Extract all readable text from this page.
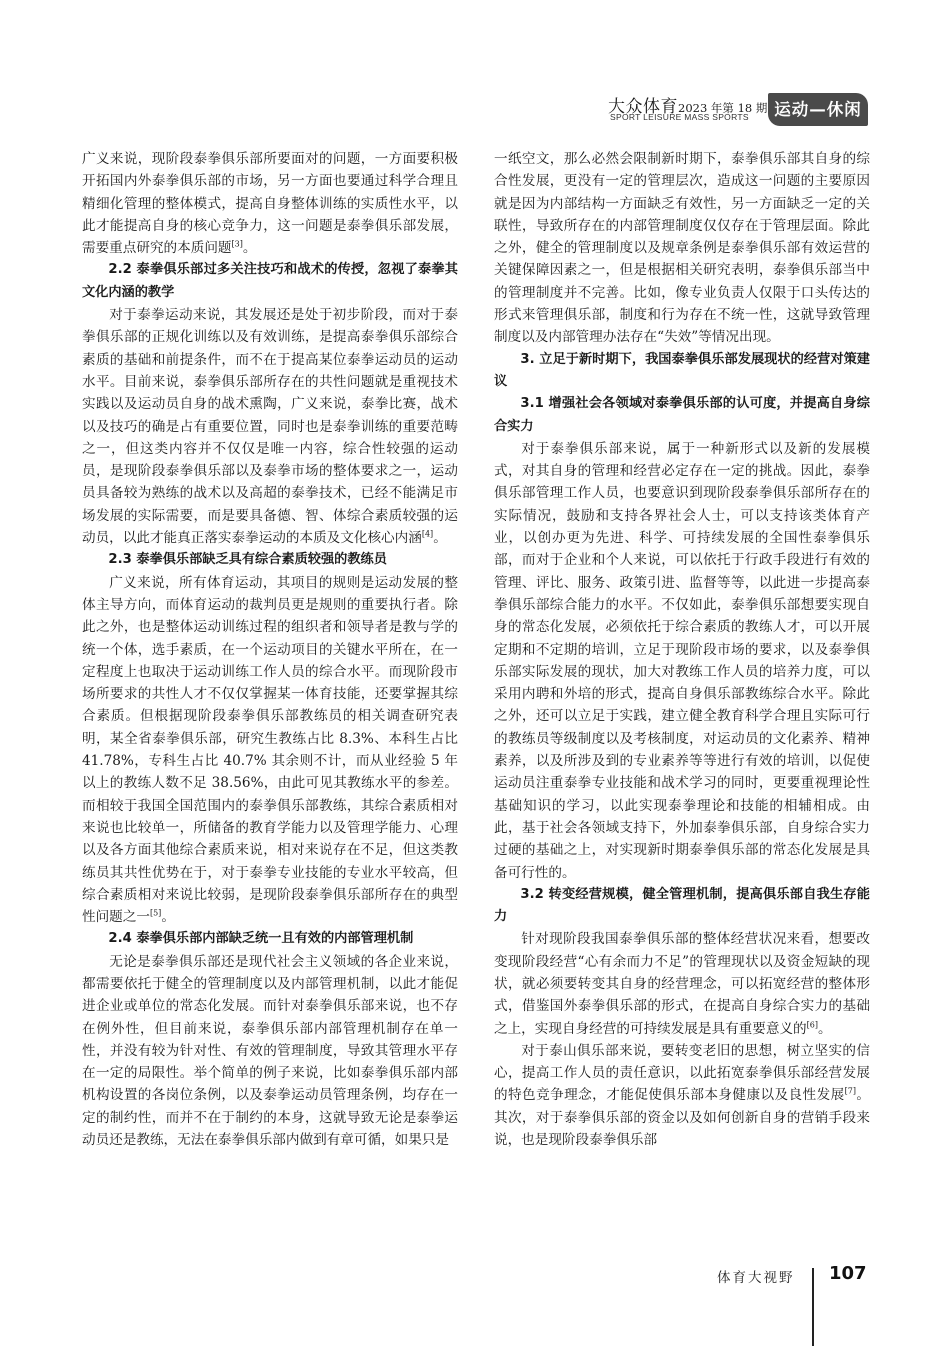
大众体育2023 年第 18 期
SPORT LEISURE MASS SPORTS	运动—休闲

广义来说，现阶段泰拳俱乐部所要面对的问题，一方面要积极开拓国内外泰拳俱乐部的市场，另一方面也要通过科学合理且精细化管理的整体模式，提高自身整体训练的实质性水平，以此才能提高自身的核心竞争力，这一问题是泰拳俱乐部发展，需要重点研究的本质问题[3]。

2.2 泰拳俱乐部过多关注技巧和战术的传授，忽视了泰拳其文化内涵的教学

对于泰拳运动来说，其发展还是处于初步阶段，而对于泰拳俱乐部的正规化训练以及有效训练，是提高泰拳俱乐部综合素质的基础和前提条件，而不在于提高某位泰拳运动员的运动水平。目前来说，泰拳俱乐部所存在的共性问题就是重视技术实践以及运动员自身的战术熏陶，广义来说，泰拳比赛，战术以及技巧的确是占有重要位置，同时也是泰拳训练的重要范畴之一，但这类内容并不仅仅是唯一内容，综合性较强的运动员，是现阶段泰拳俱乐部以及泰拳市场的整体要求之一，运动员具备较为熟练的战术以及高超的泰拳技术，已经不能满足市场发展的实际需要，而是要具备德、智、体综合素质较强的运动员，以此才能真正落实泰拳运动的本质及文化核心内涵[4]。

2.3 泰拳俱乐部缺乏具有综合素质较强的教练员

广义来说，所有体育运动，其项目的规则是运动发展的整体主导方向，而体育运动的裁判员更是规则的重要执行者。除此之外，也是整体运动训练过程的组织者和领导者是教与学的统一个体，选手素质，在一个运动项目的关键水平所在，在一定程度上也取决于运动训练工作人员的综合水平。而现阶段市场所要求的共性人才不仅仅掌握某一体育技能，还要掌握其综合素质。但根据现阶段泰拳俱乐部教练员的相关调查研究表明，某全省泰拳俱乐部，研究生教练占比 8.3%、本科生占比 41.78%，专科生占比 40.7% 其余则不计，而从业经验 5 年以上的教练人数不足 38.56%，由此可见其教练水平的参差。而相较于我国全国范围内的泰拳俱乐部教练，其综合素质相对来说也比较单一，所储备的教育学能力以及管理学能力、心理以及各方面其他综合素质来说，相对来说存在不足，但这类教练员其共性优势在于，对于泰拳专业技能的专业水平较高，但综合素质相对来说比较弱，是现阶段泰拳俱乐部所存在的典型性问题之一[5]。

2.4 泰拳俱乐部内部缺乏统一且有效的内部管理机制

无论是泰拳俱乐部还是现代社会主义领域的各企业来说，都需要依托于健全的管理制度以及内部管理机制，以此才能促进企业或单位的常态化发展。而针对泰拳俱乐部来说，也不存在例外性，但目前来说，泰拳俱乐部内部管理机制存在单一性，并没有较为针对性、有效的管理制度，导致其管理水平存在一定的局限性。举个简单的例子来说，比如泰拳俱乐部内部机构设置的各岗位条例，以及泰拳运动员管理条例，均存在一定的制约性，而并不在于制约的本身，这就导致无论是泰拳运动员还是教练，无法在泰拳俱乐部内做到有章可循，如果只是

一纸空文，那么必然会限制新时期下，泰拳俱乐部其自身的综合性发展，更没有一定的管理层次，造成这一问题的主要原因就是因为内部结构一方面缺乏有效性，另一方面缺乏一定的关联性，导致所存在的内部管理制度仅仅存在于管理层面。除此之外，健全的管理制度以及规章条例是泰拳俱乐部有效运营的关键保障因素之一，但是根据相关研究表明，泰拳俱乐部当中的管理制度并不完善。比如，像专业负责人仅限于口头传达的形式来管理俱乐部，制度和行为存在不统一性，这就导致管理制度以及内部管理办法存在“失效”等情况出现。

3. 立足于新时期下，我国泰拳俱乐部发展现状的经营对策建议
3.1 增强社会各领域对泰拳俱乐部的认可度，并提高自身综合实力

对于泰拳俱乐部来说，属于一种新形式以及新的发展模式，对其自身的管理和经营必定存在一定的挑战。因此，泰拳俱乐部管理工作人员，也要意识到现阶段泰拳俱乐部所存在的实际情况，鼓励和支持各界社会人士，可以支持该类体育产业，以创办更为先进、科学、可持续发展的全国性泰拳俱乐部，而对于企业和个人来说，可以依托于行政手段进行有效的管理、评比、服务、政策引进、监督等等，以此进一步提高泰拳俱乐部综合能力的水平。不仅如此，泰拳俱乐部想要实现自身的常态化发展，必须依托于综合素质的教练人才，可以开展定期和不定期的培训，立足于现阶段市场的要求，以及泰拳俱乐部实际发展的现状，加大对教练工作人员的培养力度，可以采用内聘和外培的形式，提高自身俱乐部教练综合水平。除此之外，还可以立足于实践，建立健全教育科学合理且实际可行的教练员等级制度以及考核制度，对运动员的文化素养、精神素养，以及所涉及到的专业素养等等进行有效的培训，以促使运动员注重泰拳专业技能和战术学习的同时，更要重视理论性基础知识的学习，以此实现泰拳理论和技能的相辅相成。由此，基于社会各领域支持下，外加泰拳俱乐部，自身综合实力过硬的基础之上，对实现新时期泰拳俱乐部的常态化发展是具备可行性的。

3.2 转变经营规模，健全管理机制，提高俱乐部自我生存能力

针对现阶段我国泰拳俱乐部的整体经营状况来看，想要改变现阶段经营“心有余而力不足”的管理现状以及资金短缺的现状，就必须要转变其自身的经营理念，可以拓宽经营的整体形式，借鉴国外泰拳俱乐部的形式，在提高自身综合实力的基础之上，实现自身经营的可持续发展是具有重要意义的[6]。

对于泰山俱乐部来说，要转变老旧的思想，树立坚实的信心，提高工作人员的责任意识，以此拓宽泰拳俱乐部经营发展的特色竞争理念，才能促使俱乐部本身健康以及良性发展[7]。其次，对于泰拳俱乐部的资金以及如何创新自身的营销手段来说，也是现阶段泰拳俱乐部

体育大视野 107
